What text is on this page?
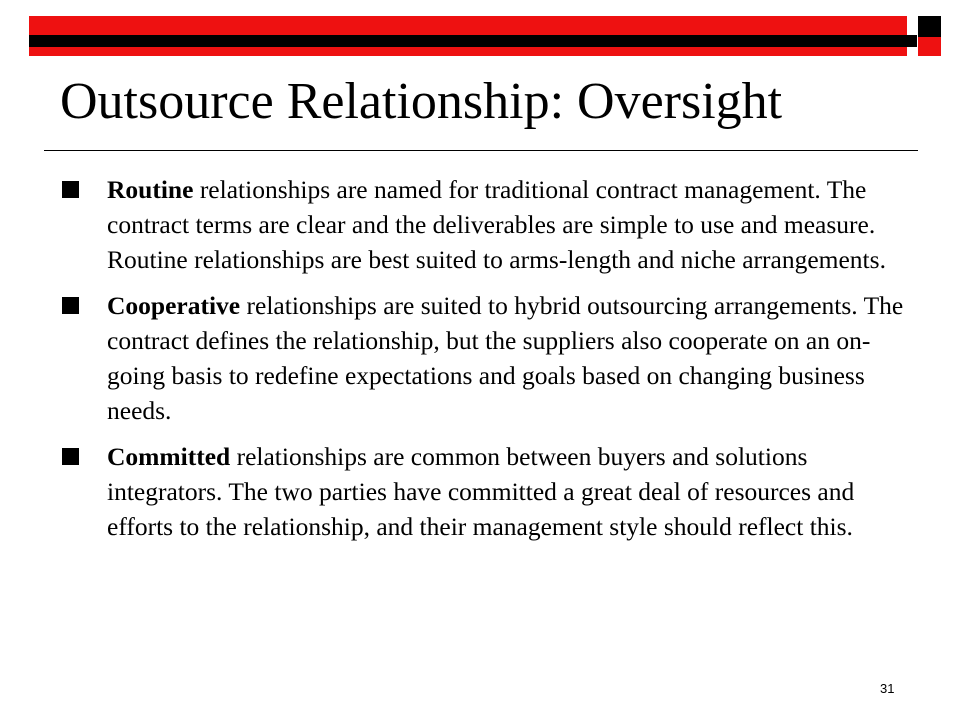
Outsource Relationship: Oversight
Routine relationships are named for traditional contract management. The contract terms are clear and the deliverables are simple to use and measure. Routine relationships are best suited to arms-length and niche arrangements.
Cooperative relationships are suited to hybrid outsourcing arrangements. The contract defines the relationship, but the suppliers also cooperate on an on-going basis to redefine expectations and goals based on changing business needs.
Committed relationships are common between buyers and solutions integrators. The two parties have committed a great deal of resources and efforts to the relationship, and their management style should reflect this.
31
